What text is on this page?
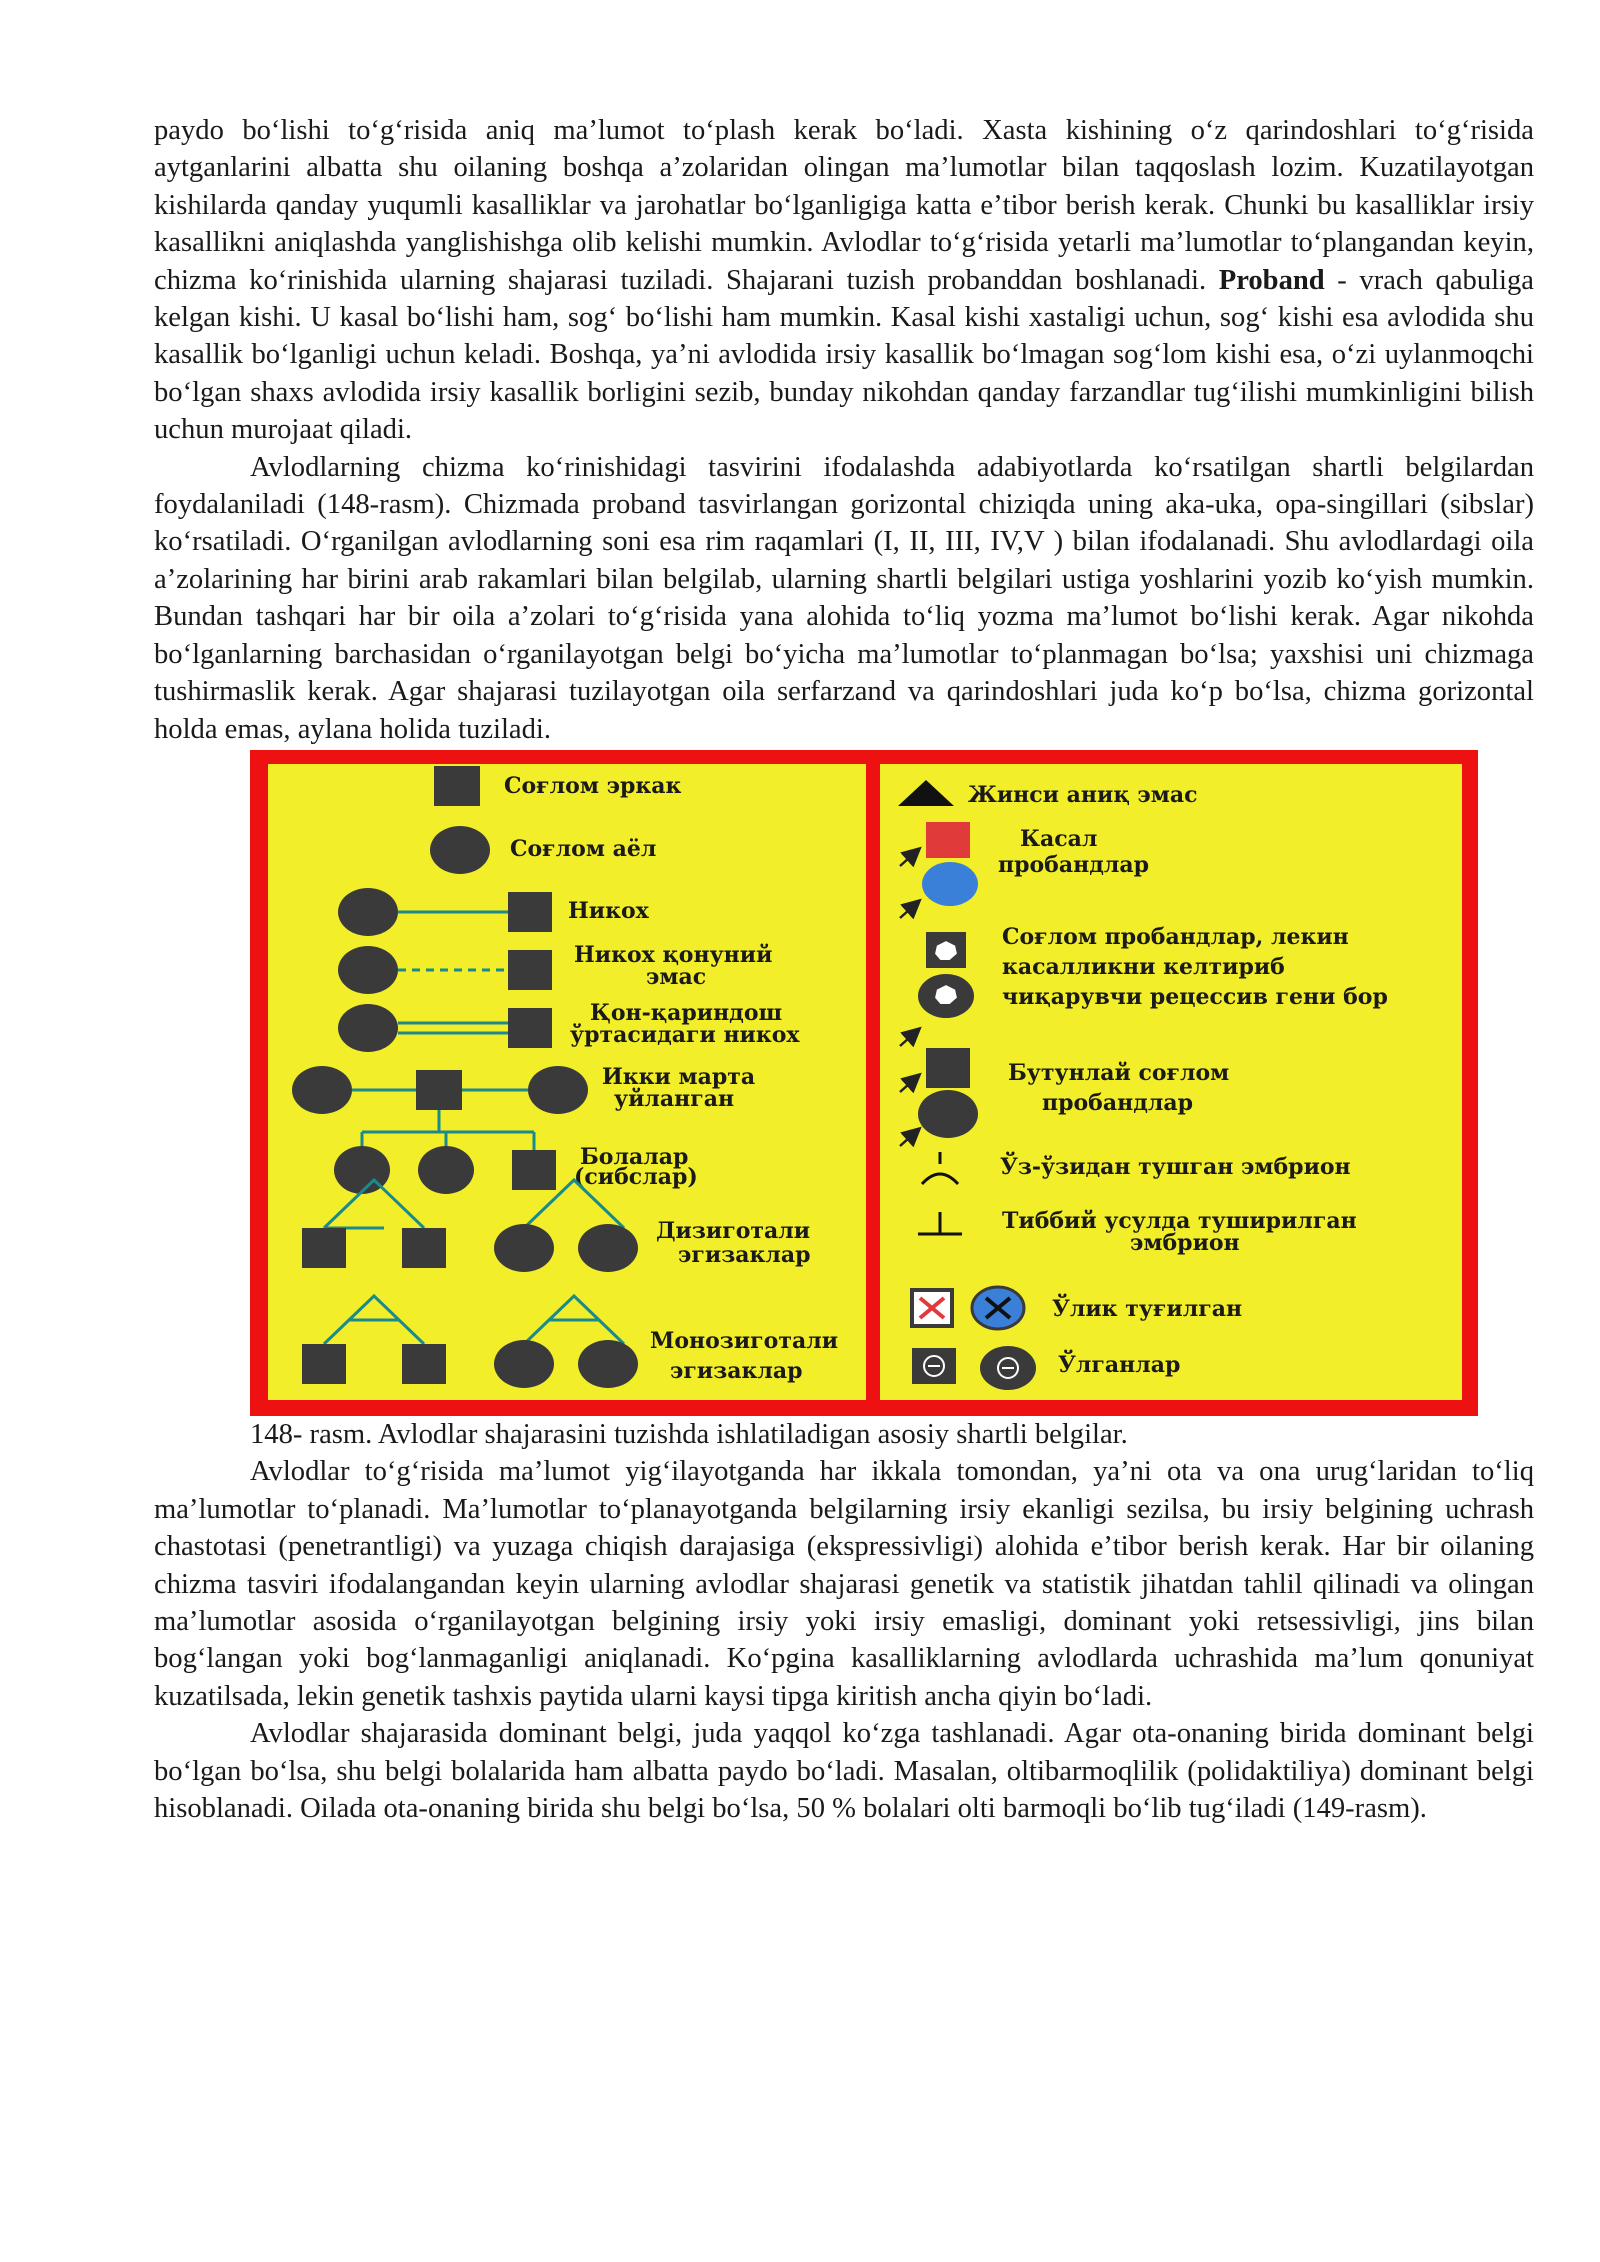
paydo boʻlishi toʻgʻrisida aniq maʼlumot toʻplash kerak boʻladi. Xasta kishining oʻz qarindoshlari toʻgʻrisida aytganlarini albatta shu oilaning boshqa aʼzolaridan olingan maʼlumotlar bilan taqqoslash lozim. Kuzatilayotgan kishilarda qanday yuqumli kasalliklar va jarohatlar boʻlganligiga katta eʼtibor berish kerak. Chunki bu kasalliklar irsiy kasallikni aniqlashda yanglishishga olib kelishi mumkin. Avlodlar toʻgʻrisida yetarli maʼlumotlar toʻplangandan keyin, chizma koʻrinishida ularning shajarasi tuziladi. Shajarani tuzish probanddan boshlanadi. Proband - vrach qabuliga kelgan kishi. U kasal boʻlishi ham, sogʻ boʻlishi ham mumkin. Kasal kishi xastaligi uchun, sogʻ kishi esa avlodida shu kasallik boʻlganligi uchun keladi. Boshqa, yaʼni avlodida irsiy kasallik boʻlmagan sogʻlom kishi esa, oʻzi uylanmoqchi boʻlgan shaxs avlodida irsiy kasallik borligini sezib, bunday nikohdan qanday farzandlar tugʻilishi mumkinligini bilish uchun murojaat qiladi.

Avlodlarning chizma koʻrinishidagi tasvirini ifodalashda adabiyotlarda koʻrsatilgan shartli belgilardan foydalaniladi (148-rasm). Chizmada proband tasvirlangan gorizontal chiziqda uning aka-uka, opa-singillari (sibslar) koʻrsatiladi. Oʻrganilgan avlodlarning soni esa rim raqamlari (I, II, III, IV,V ) bilan ifodalanadi. Shu avlodlardagi oila aʼzolarining har birini arab rakamlari bilan belgilab, ularning shartli belgilari ustiga yoshlarini yozib koʻyish mumkin. Bundan tashqari har bir oila aʼzolari toʻgʻrisida yana alohida toʻliq yozma maʼlumot boʻlishi kerak. Agar nikohda boʻlganlarning barchasidan oʻrganilayotgan belgi boʻyicha maʼlumotlar toʻplanmagan boʻlsa; yaxshisi uni chizmaga tushirmaslik kerak. Agar shajarasi tuzilayotgan oila serfarzand va qarindoshlari juda koʻp boʻlsa, chizma gorizontal holda emas, aylana holida tuziladi.

Соғлом эркак
Соғлом аёл
Никох
Никох қонуний
эмас
Қон-қариндош
ўртасидаги никох
Икки марта
уйланган
Болалар
(сибслар)
Дизиготали
эгизаклар
Монозиготали
эгизаклар
Жинси аниқ эмас
Касал
пробандлар
Соғлом пробандлар, лекин
касалликни келтириб
чиқарувчи рецессив гени бор
Бутунлай соғлом
пробандлар
Ўз-ўзидан тушган эмбрион
Тиббий усулда туширилган
эмбрион
Ўлик туғилган
Ўлганлар

148- rasm. Avlodlar shajarasini tuzishda ishlatiladigan asosiy shartli belgilar.

Avlodlar toʻgʻrisida maʼlumot yigʻilayotganda har ikkala tomondan, yaʼni ota va ona urugʻlaridan toʻliq maʼlumotlar toʻplanadi. Maʼlumotlar toʻplanayotganda belgilarning irsiy ekanligi sezilsa, bu irsiy belgining uchrash chastotasi (penetrantligi) va yuzaga chiqish darajasiga (ekspressivligi) alohida eʼtibor berish kerak. Har bir oilaning chizma tasviri ifodalangandan keyin ularning avlodlar shajarasi genetik va statistik jihatdan tahlil qilinadi va olingan maʼlumotlar asosida oʻrganilayotgan belgining irsiy yoki irsiy emasligi, dominant yoki retsessivligi, jins bilan bogʻlangan yoki bogʻlanmaganligi aniqlanadi. Koʻpgina kasalliklarning avlodlarda uchrashida maʼlum qonuniyat kuzatilsada, lekin genetik tashxis paytida ularni kaysi tipga kiritish ancha qiyin boʻladi.

Avlodlar shajarasida dominant belgi, juda yaqqol koʻzga tashlanadi. Agar ota-onaning birida dominant belgi boʻlgan boʻlsa, shu belgi bolalarida ham albatta paydo boʻladi. Masalan, oltibarmoqlilik (polidaktiliya) dominant belgi hisoblanadi. Oilada ota-onaning birida shu belgi boʻlsa, 50 % bolalari olti barmoqli boʻlib tugʻiladi (149-rasm).
